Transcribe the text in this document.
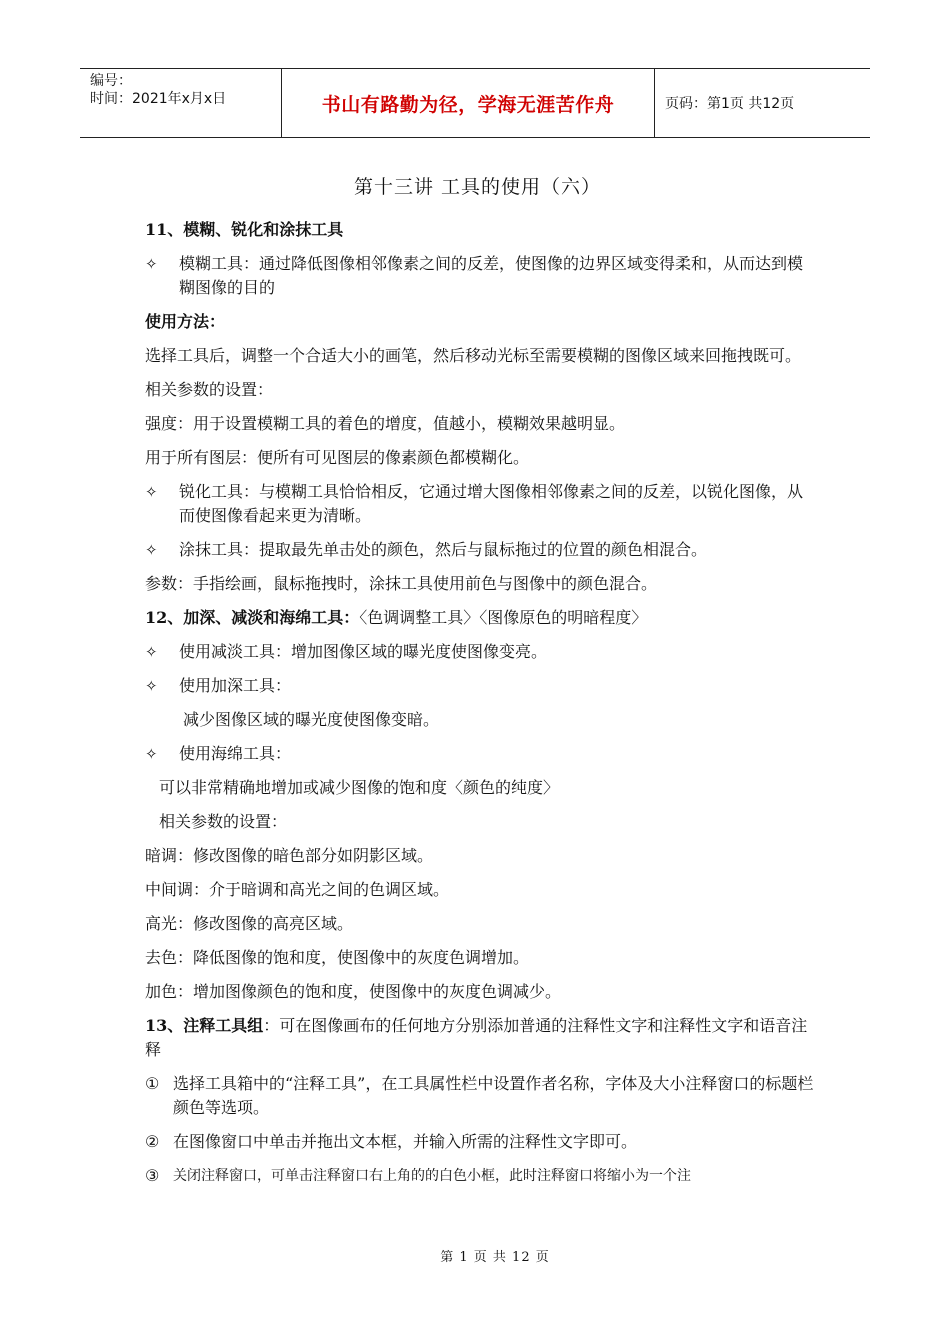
编号：
时间：2021年x月x日	书山有路勤为径，学海无涯苦作舟	页码：第1页 共12页
第十三讲 工具的使用（六）

11、模糊、锐化和涂抹工具

✧ 模糊工具：通过降低图像相邻像素之间的反差，使图像的边界区域变得柔和，从而达到模糊图像的目的

使用方法：

选择工具后，调整一个合适大小的画笔，然后移动光标至需要模糊的图像区域来回拖拽既可。

相关参数的设置：

强度：用于设置模糊工具的着色的增度，值越小，模糊效果越明显。

用于所有图层：便所有可见图层的像素颜色都模糊化。

✧ 锐化工具：与模糊工具恰恰相反，它通过增大图像相邻像素之间的反差，以锐化图像，从而使图像看起来更为清晰。

✧ 涂抹工具：提取最先单击处的颜色，然后与鼠标拖过的位置的颜色相混合。

参数：手指绘画，鼠标拖拽时，涂抹工具使用前色与图像中的颜色混合。

12、加深、减淡和海绵工具：〈色调调整工具〉〈图像原色的明暗程度〉

✧ 使用减淡工具：增加图像区域的曝光度使图像变亮。

✧ 使用加深工具：

减少图像区域的曝光度使图像变暗。

✧ 使用海绵工具：

可以非常精确地增加或减少图像的饱和度〈颜色的纯度〉

相关参数的设置：

暗调：修改图像的暗色部分如阴影区域。

中间调：介于暗调和高光之间的色调区域。

高光：修改图像的高亮区域。

去色：降低图像的饱和度，使图像中的灰度色调增加。

加色：增加图像颜色的饱和度，使图像中的灰度色调减少。

13、注释工具组：可在图像画布的任何地方分别添加普通的注释性文字和注释性文字和语音注释

① 选择工具箱中的“注释工具”，在工具属性栏中设置作者名称，字体及大小注释窗口的标题栏颜色等选项。

② 在图像窗口中单击并拖出文本框，并输入所需的注释性文字即可。

③ 关闭注释窗口，可单击注释窗口右上角的的白色小框，此时注释窗口将缩小为一个注

第 1 页 共 12 页
